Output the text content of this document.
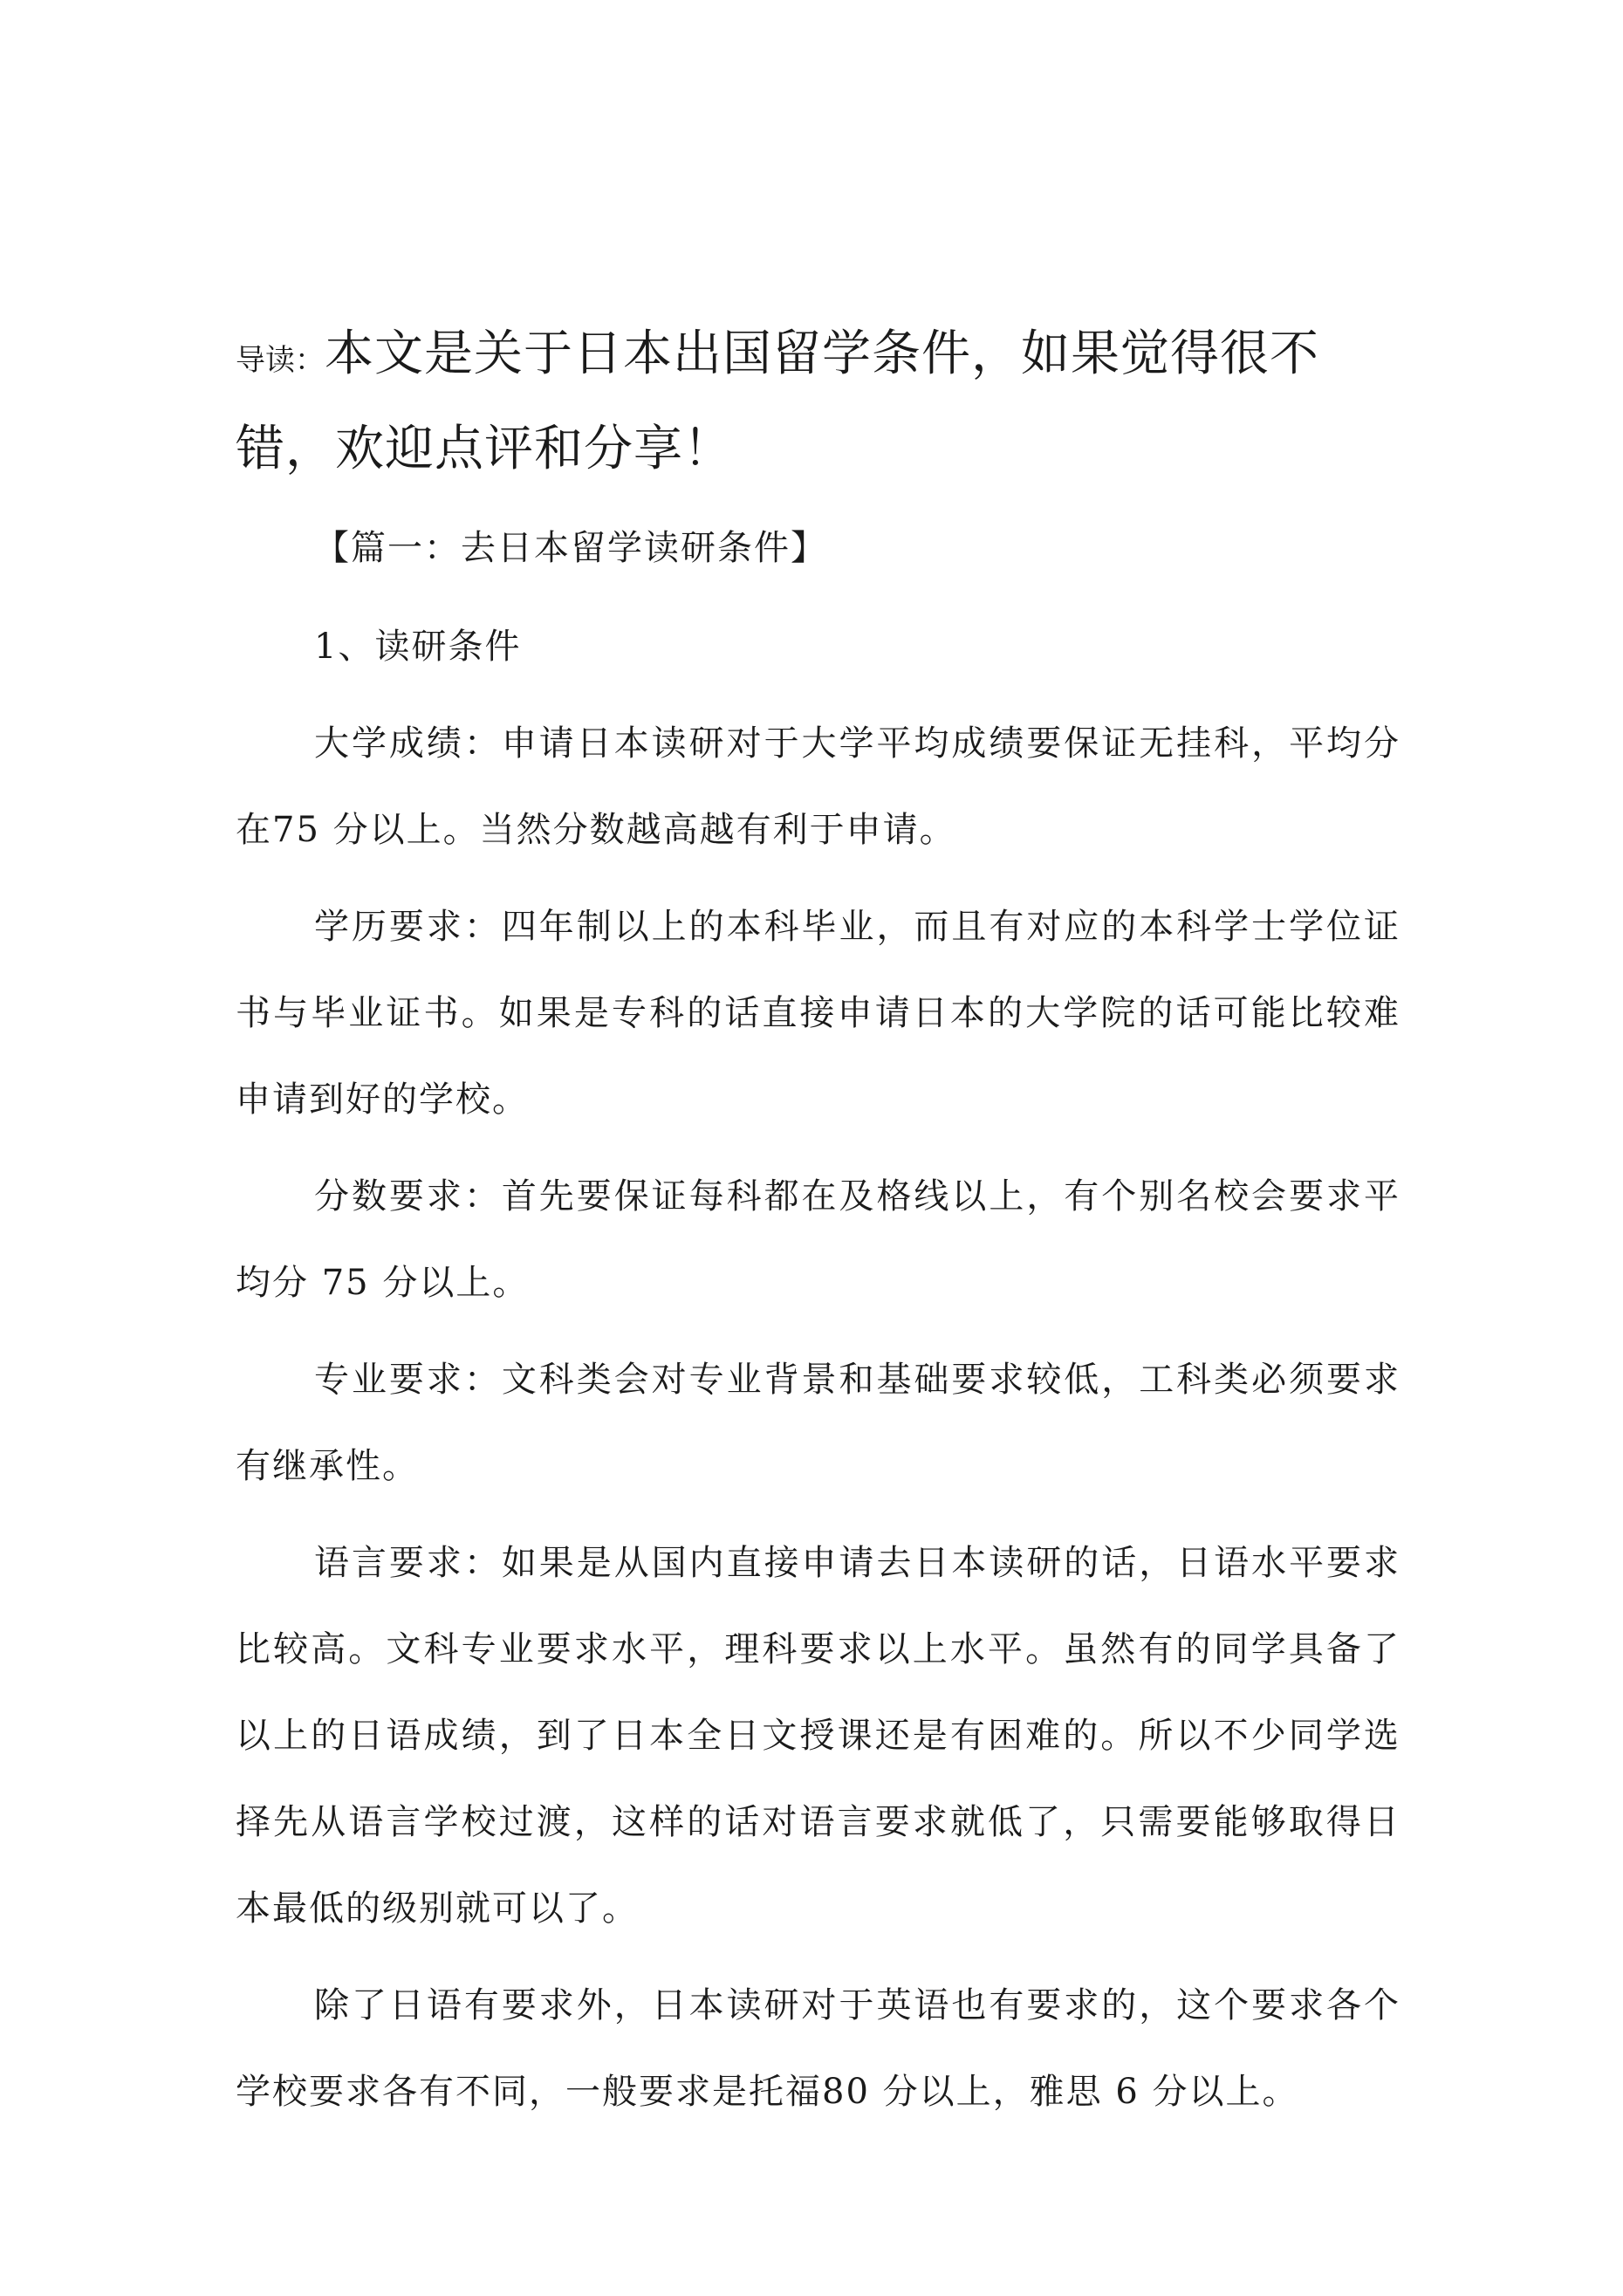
导读：本文是关于日本出国留学条件，如果觉得很不错，欢迎点评和分享！

【篇一：去日本留学读研条件】

1、读研条件

大学成绩：申请日本读研对于大学平均成绩要保证无挂科，平均分在75 分以上。当然分数越高越有利于申请。

学历要求：四年制以上的本科毕业，而且有对应的本科学士学位证书与毕业证书。如果是专科的话直接申请日本的大学院的话可能比较难申请到好的学校。

分数要求：首先要保证每科都在及格线以上，有个别名校会要求平均分 75 分以上。

专业要求：文科类会对专业背景和基础要求较低，工科类必须要求有继承性。

语言要求：如果是从国内直接申请去日本读研的话，日语水平要求比较高。文科专业要求水平，理科要求以上水平。虽然有的同学具备了以上的日语成绩，到了日本全日文授课还是有困难的。所以不少同学选择先从语言学校过渡，这样的话对语言要求就低了，只需要能够取得日本最低的级别就可以了。

除了日语有要求外，日本读研对于英语也有要求的，这个要求各个学校要求各有不同，一般要求是托福80 分以上，雅思 6 分以上。
